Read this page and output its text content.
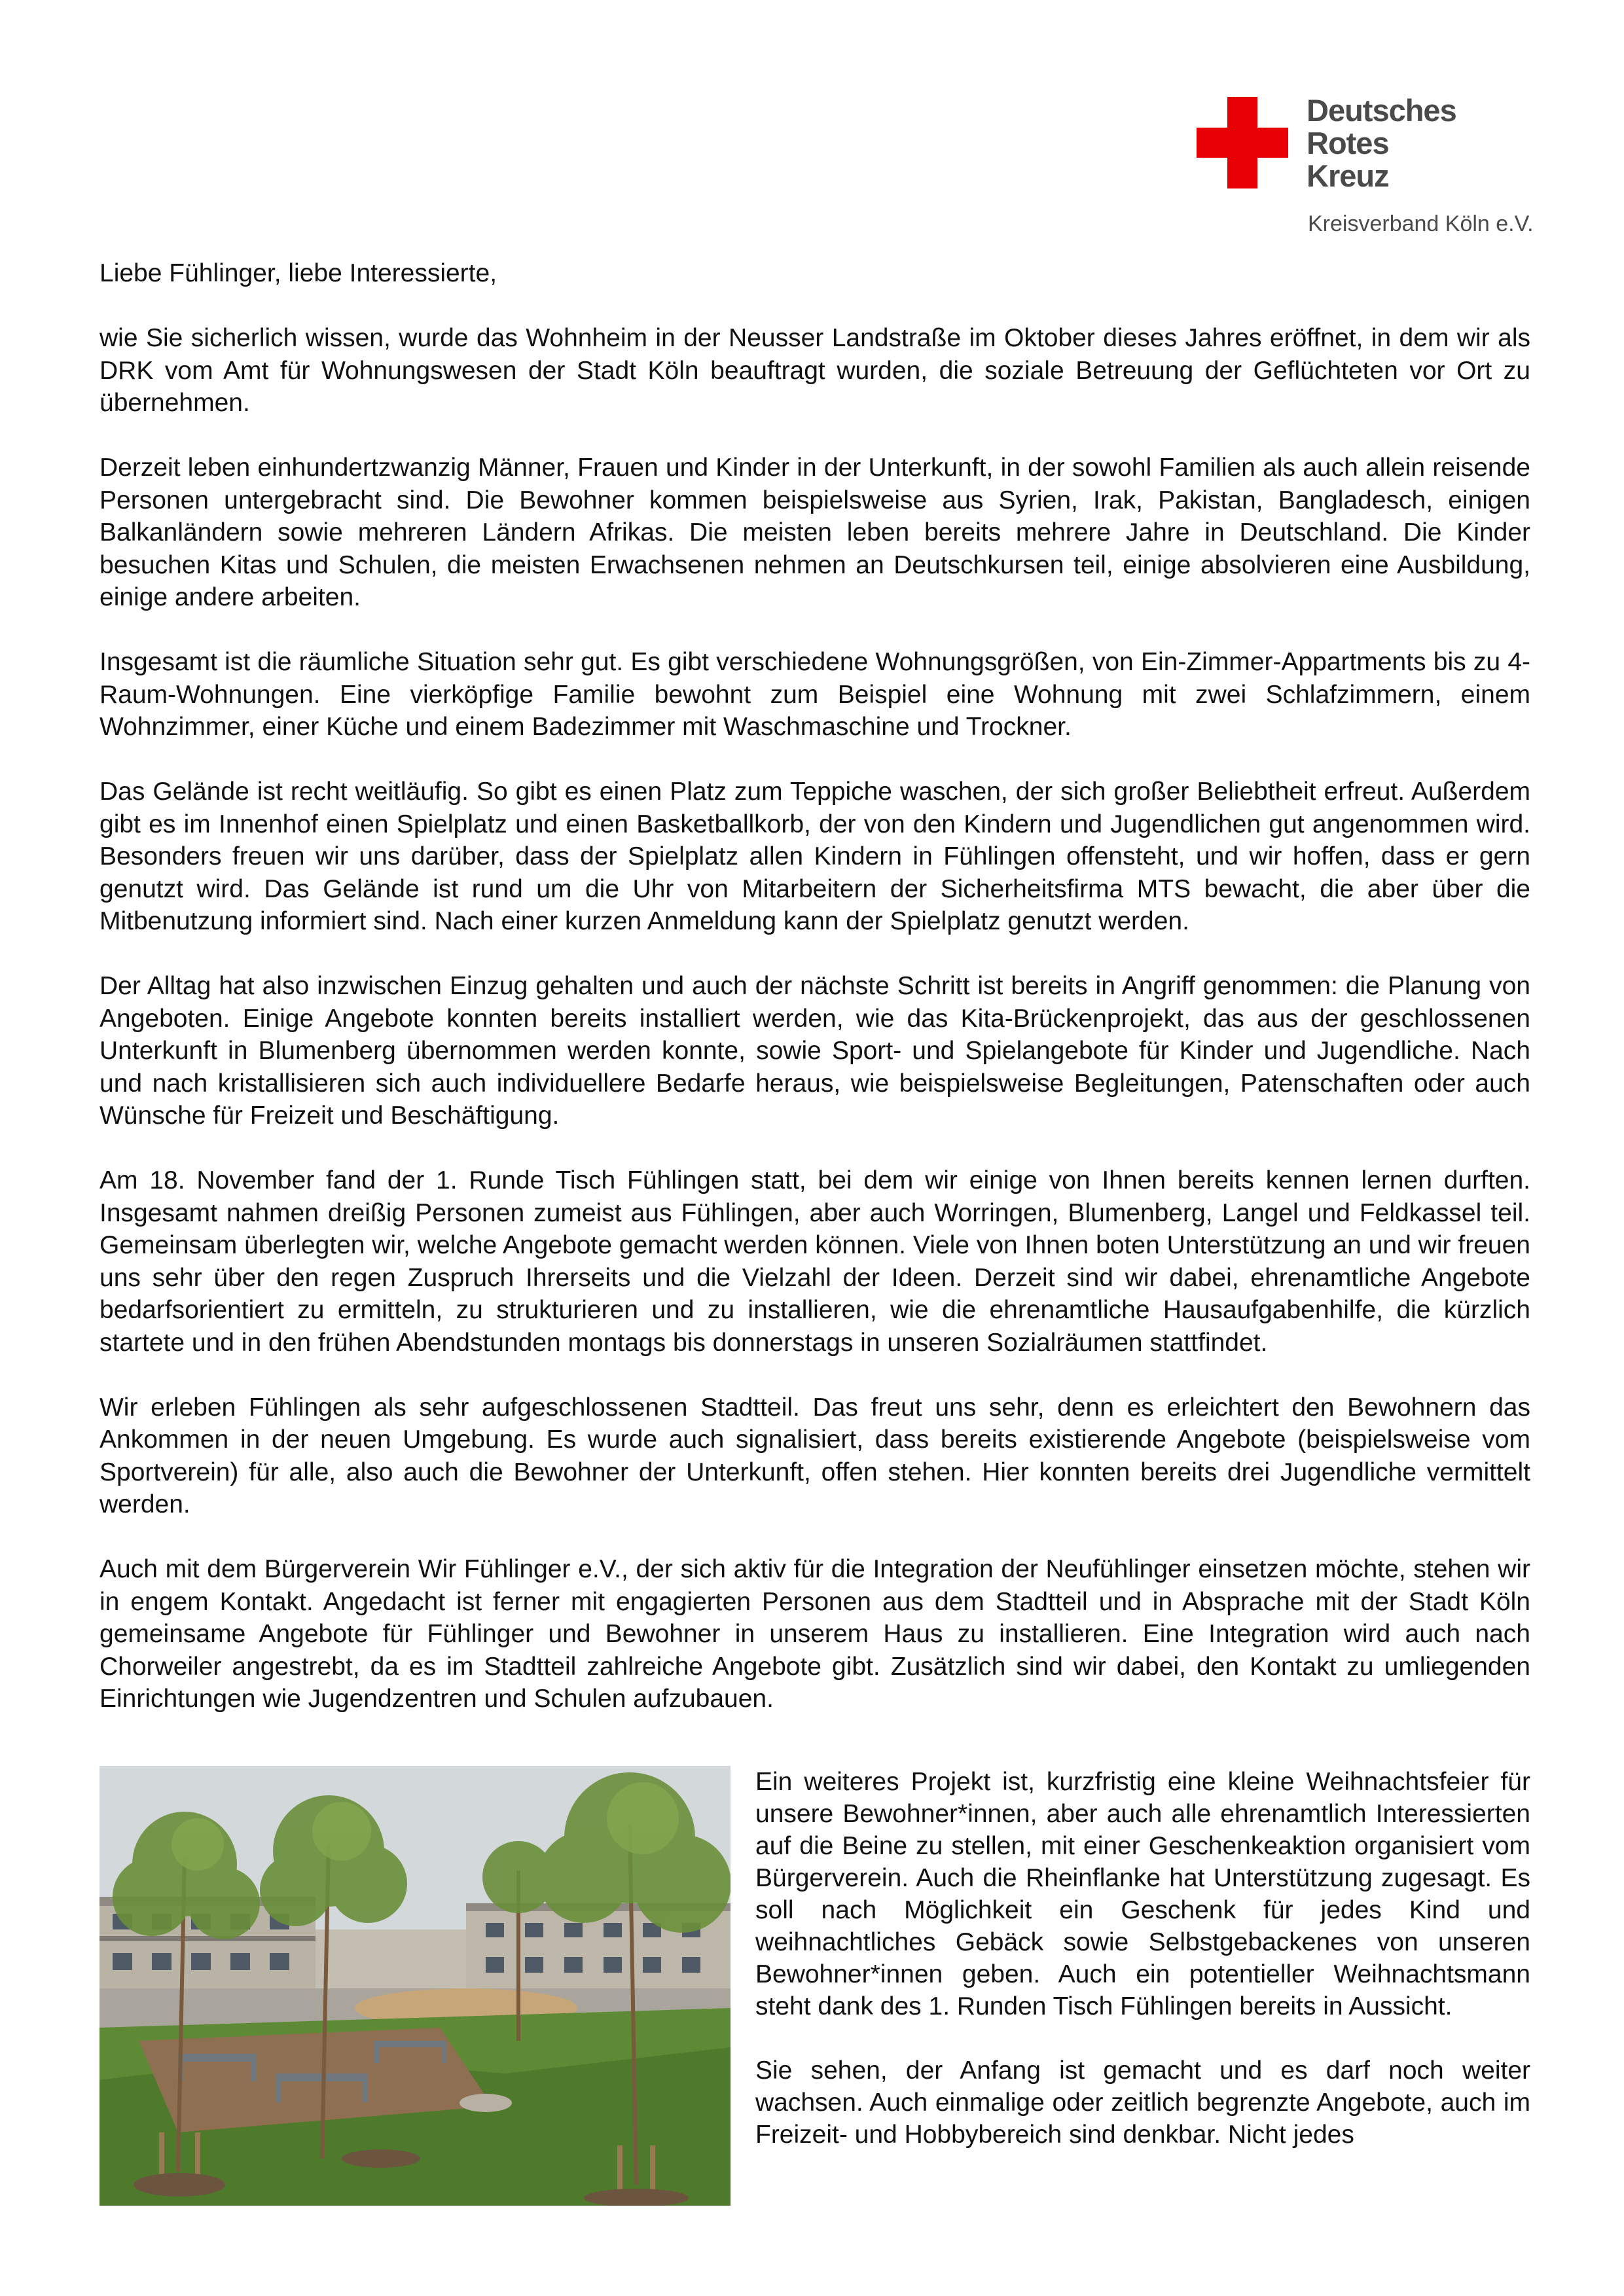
Deutsches
Rotes
Kreuz
Kreisverband Köln e.V.
Liebe Fühlinger, liebe Interessierte,

wie Sie sicherlich wissen, wurde das Wohnheim in der Neusser Landstraße im Oktober dieses Jahres eröffnet, in dem wir als DRK vom Amt für Wohnungswesen der Stadt Köln beauftragt wurden, die soziale Betreuung der Geflüchteten vor Ort zu übernehmen.

Derzeit leben einhundertzwanzig Männer, Frauen und Kinder in der Unterkunft, in der sowohl Familien als auch allein reisende Personen untergebracht sind. Die Bewohner kommen beispielsweise aus Syrien, Irak, Pakistan, Bangladesch, einigen Balkanländern sowie mehreren Ländern Afrikas. Die meisten leben bereits mehrere Jahre in Deutschland. Die Kinder besuchen Kitas und Schulen, die meisten Erwachsenen nehmen an Deutschkursen teil, einige absolvieren eine Ausbildung, einige andere arbeiten.

Insgesamt ist die räumliche Situation sehr gut. Es gibt verschiedene Wohnungsgrößen, von Ein-Zimmer-Appartments bis zu 4-Raum-Wohnungen. Eine vierköpfige Familie bewohnt zum Beispiel eine Wohnung mit zwei Schlafzimmern, einem Wohnzimmer, einer Küche und einem Badezimmer mit Waschmaschine und Trockner.

Das Gelände ist recht weitläufig. So gibt es einen Platz zum Teppiche waschen, der sich großer Beliebtheit erfreut. Außerdem gibt es im Innenhof einen Spielplatz und einen Basketballkorb, der von den Kindern und Jugendlichen gut angenommen wird. Besonders freuen wir uns darüber, dass der Spielplatz allen Kindern in Fühlingen offensteht, und wir hoffen, dass er gern genutzt wird. Das Gelände ist rund um die Uhr von Mitarbeitern der Sicherheitsfirma MTS bewacht, die aber über die Mitbenutzung informiert sind. Nach einer kurzen Anmeldung kann der Spielplatz genutzt werden.

Der Alltag hat also inzwischen Einzug gehalten und auch der nächste Schritt ist bereits in Angriff genommen: die Planung von Angeboten. Einige Angebote konnten bereits installiert werden, wie das Kita-Brückenprojekt, das aus der geschlossenen Unterkunft in Blumenberg übernommen werden konnte, sowie Sport- und Spielangebote für Kinder und Jugendliche. Nach und nach kristallisieren sich auch individuellere Bedarfe heraus, wie beispielsweise Begleitungen, Patenschaften oder auch Wünsche für Freizeit und Beschäftigung.

Am 18. November fand der 1. Runde Tisch Fühlingen statt, bei dem wir einige von Ihnen bereits kennen lernen durften. Insgesamt nahmen dreißig Personen zumeist aus Fühlingen, aber auch Worringen, Blumenberg, Langel und Feldkassel teil. Gemeinsam überlegten wir, welche Angebote gemacht werden können. Viele von Ihnen boten Unterstützung an und wir freuen uns sehr über den regen Zuspruch Ihrerseits und die Vielzahl der Ideen. Derzeit sind wir dabei, ehrenamtliche Angebote bedarfsorientiert zu ermitteln, zu strukturieren und zu installieren, wie die ehrenamtliche Hausaufgabenhilfe, die kürzlich startete und in den frühen Abendstunden montags bis donnerstags in unseren Sozialräumen stattfindet.

Wir erleben Fühlingen als sehr aufgeschlossenen Stadtteil. Das freut uns sehr, denn es erleichtert den Bewohnern das Ankommen in der neuen Umgebung. Es wurde auch signalisiert, dass bereits existierende Angebote (beispielsweise vom Sportverein) für alle, also auch die Bewohner der Unterkunft, offen stehen. Hier konnten bereits drei Jugendliche vermittelt werden.

Auch mit dem Bürgerverein Wir Fühlinger e.V., der sich aktiv für die Integration der Neufühlinger einsetzen möchte, stehen wir in engem Kontakt. Angedacht ist ferner mit engagierten Personen aus dem Stadtteil und in Absprache mit der Stadt Köln gemeinsame Angebote für Fühlinger und Bewohner in unserem Haus zu installieren. Eine Integration wird auch nach Chorweiler angestrebt, da es im Stadtteil zahlreiche Angebote gibt. Zusätzlich sind wir dabei, den Kontakt zu umliegenden Einrichtungen wie Jugendzentren und Schulen aufzubauen.

Ein weiteres Projekt ist, kurzfristig eine kleine Weihnachtsfeier für unsere Bewohner*innen, aber auch alle ehrenamtlich Interessierten auf die Beine zu stellen, mit einer Geschenkeaktion organisiert vom Bürgerverein. Auch die Rheinflanke hat Unterstützung zugesagt. Es soll nach Möglichkeit ein Geschenk für jedes Kind und weihnachtliches Gebäck sowie Selbstgebackenes von unseren Bewohner*innen geben. Auch ein potentieller Weihnachtsmann steht dank des 1. Runden Tisch Fühlingen bereits in Aussicht.

Sie sehen, der Anfang ist gemacht und es darf noch weiter wachsen. Auch einmalige oder zeitlich begrenzte Angebote, auch im Freizeit- und Hobbybereich sind denkbar. Nicht jedes
